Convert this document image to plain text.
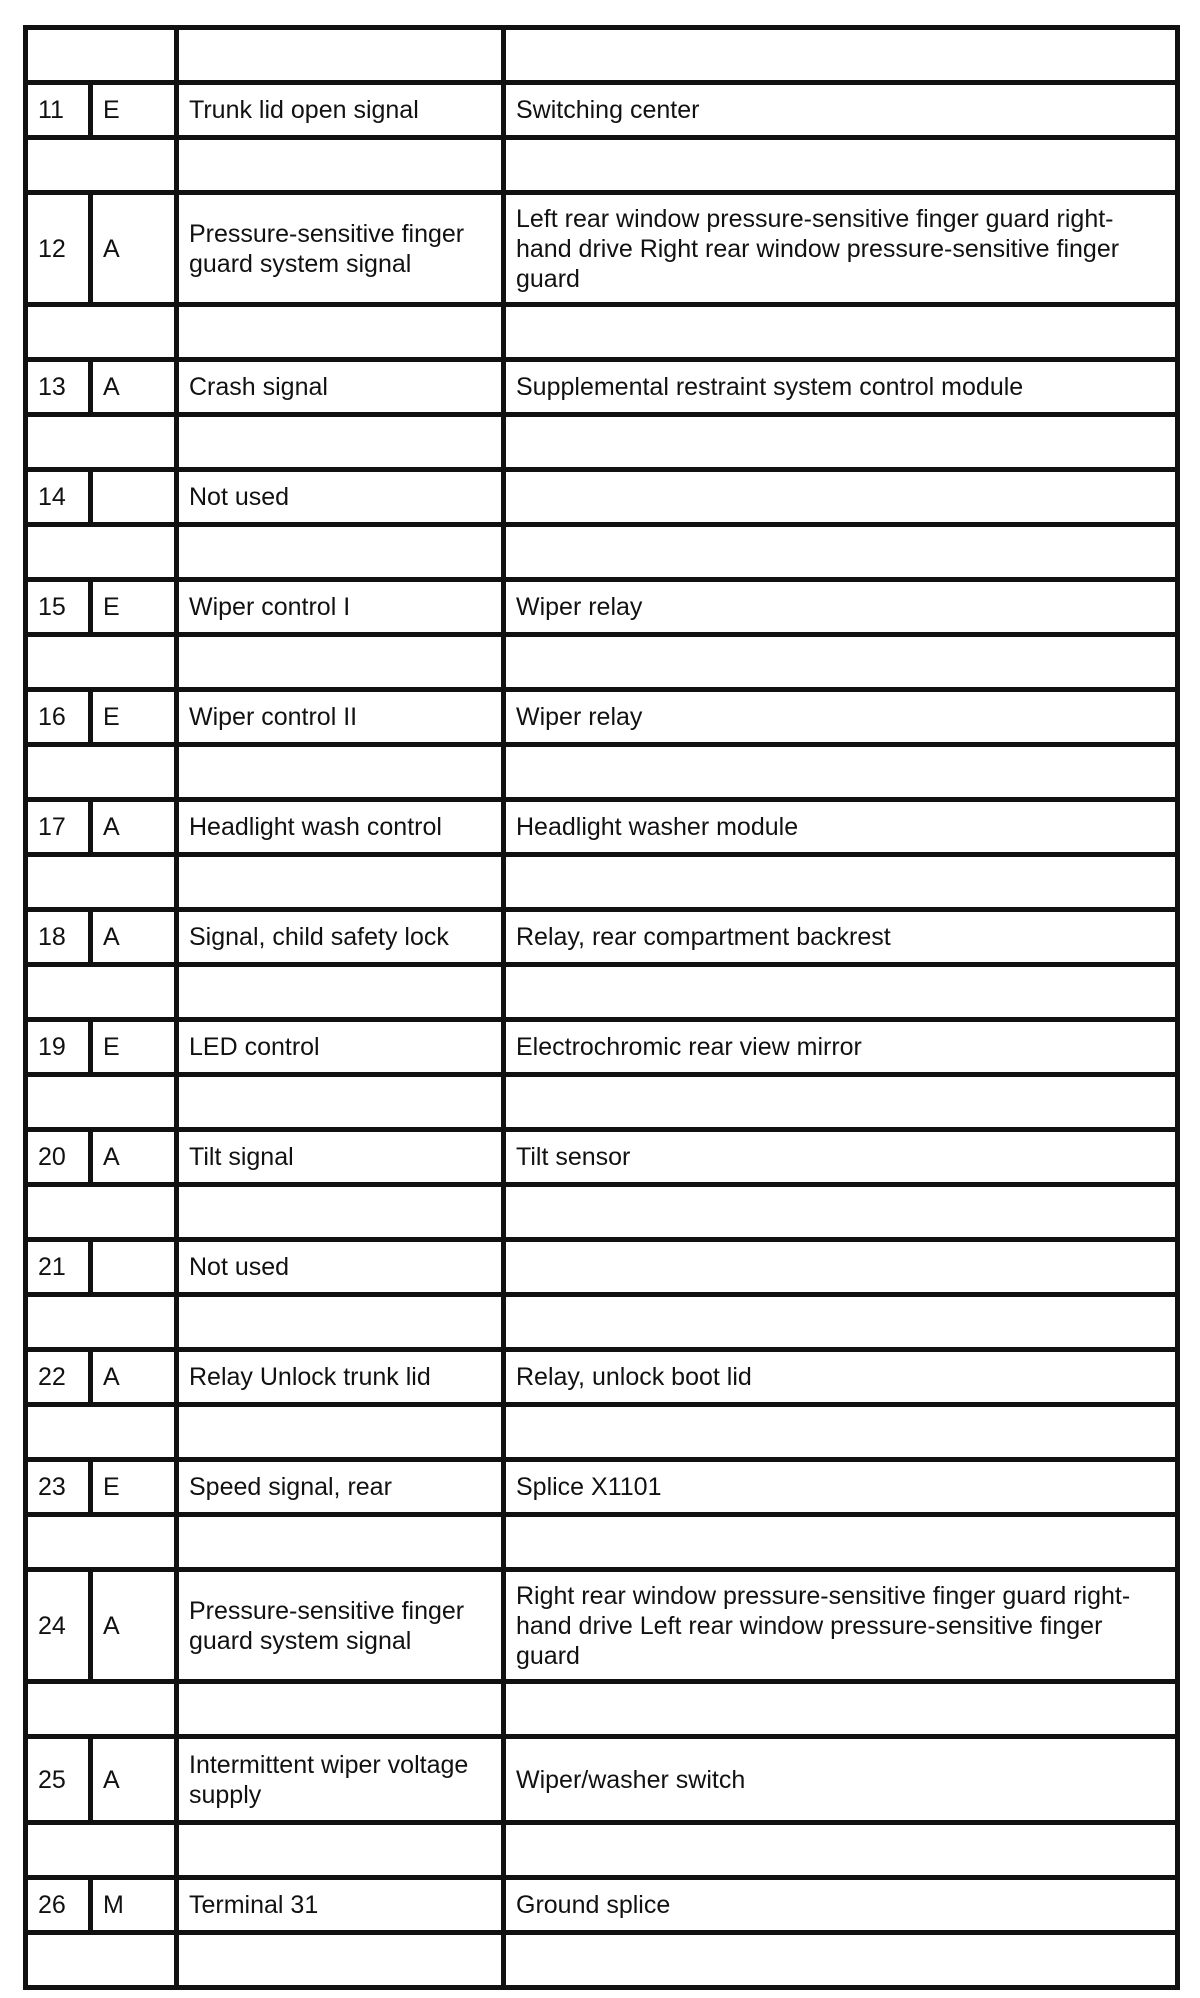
11	E	Trunk lid open signal	Switching center

12	A	Pressure-sensitive finger guard system signal	Left rear window pressure-sensitive finger guard right-hand drive Right rear window pressure-sensitive finger guard

13	A	Crash signal	Supplemental restraint system control module

14		Not used	

15	E	Wiper control I	Wiper relay

16	E	Wiper control II	Wiper relay

17	A	Headlight wash control	Headlight washer module

18	A	Signal, child safety lock	Relay, rear compartment backrest

19	E	LED control	Electrochromic rear view mirror

20	A	Tilt signal	Tilt sensor

21		Not used	

22	A	Relay Unlock trunk lid	Relay, unlock boot lid

23	E	Speed signal, rear	Splice X1101

24	A	Pressure-sensitive finger guard system signal	Right rear window pressure-sensitive finger guard right-hand drive Left rear window pressure-sensitive finger guard

25	A	Intermittent wiper voltage supply	Wiper/washer switch

26	M	Terminal 31	Ground splice
